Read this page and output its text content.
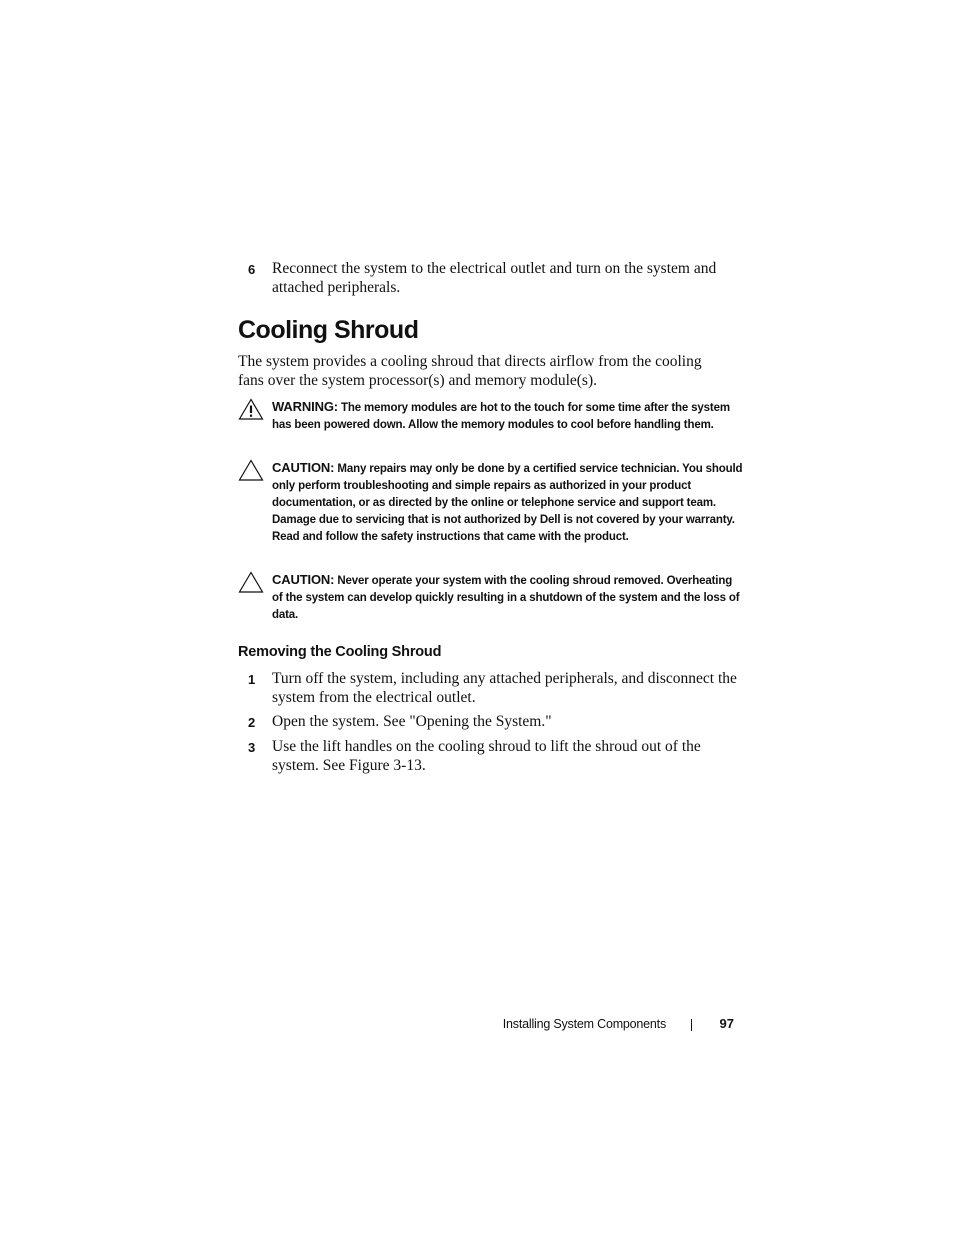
6	Reconnect the system to the electrical outlet and turn on the system and attached peripherals.
Cooling Shroud

The system provides a cooling shroud that directs airflow from the cooling fans over the system processor(s) and memory module(s).

WARNING: The memory modules are hot to the touch for some time after the system has been powered down. Allow the memory modules to cool before handling them.
CAUTION: Many repairs may only be done by a certified service technician. You should only perform troubleshooting and simple repairs as authorized in your product documentation, or as directed by the online or telephone service and support team. Damage due to servicing that is not authorized by Dell is not covered by your warranty. Read and follow the safety instructions that came with the product.
CAUTION: Never operate your system with the cooling shroud removed. Overheating of the system can develop quickly resulting in a shutdown of the system and the loss of data.
Removing the Cooling Shroud
1	Turn off the system, including any attached peripherals, and disconnect the system from the electrical outlet.
2	Open the system. See "Opening the System."
3	Use the lift handles on the cooling shroud to lift the shroud out of the system. See Figure 3-13.
Installing System Components	97
